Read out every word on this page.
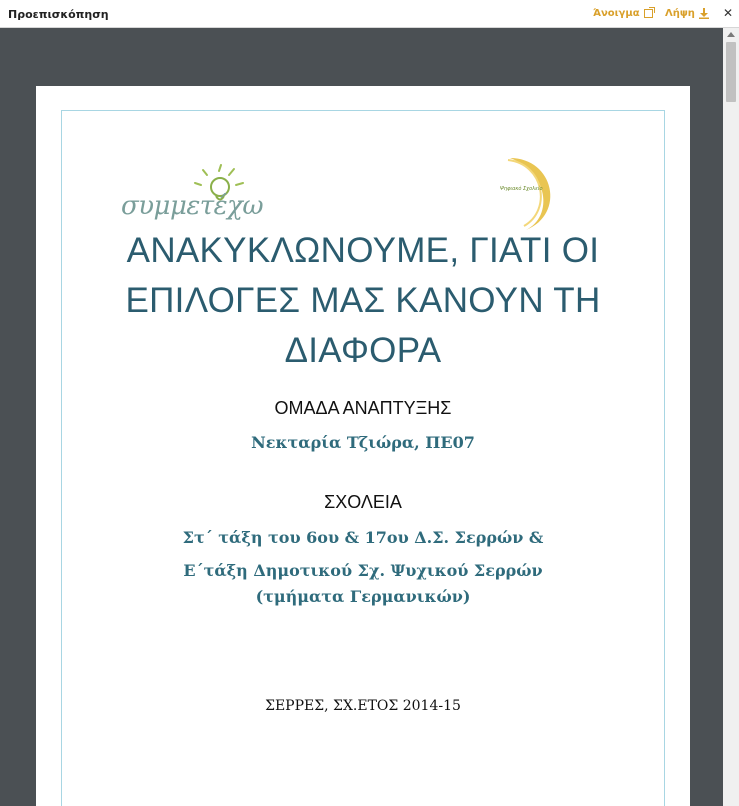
Προεπισκόπηση	Άνοιγμα	Λήψη ✕
συμμετέχω
Ψηφιακό Σχολείο
ΑΝΑΚΥΚΛΩΝΟΥΜΕ, ΓΙΑΤΙ ΟΙ ΕΠΙΛΟΓΕΣ ΜΑΣ ΚΑΝΟΥΝ ΤΗ ΔΙΑΦΟΡΑ
ΟΜΑΔΑ ΑΝΑΠΤΥΞΗΣ
Νεκταρία Τζιώρα, ΠΕ07
ΣΧΟΛΕΙΑ
Στ΄ τάξη του 6ου & 17ου Δ.Σ. Σερρών &
Ε΄τάξη Δημοτικού Σχ. Ψυχικού Σερρών (τμήματα Γερμανικών)
ΣΕΡΡΕΣ, ΣΧ.ΕΤΟΣ 2014-15
